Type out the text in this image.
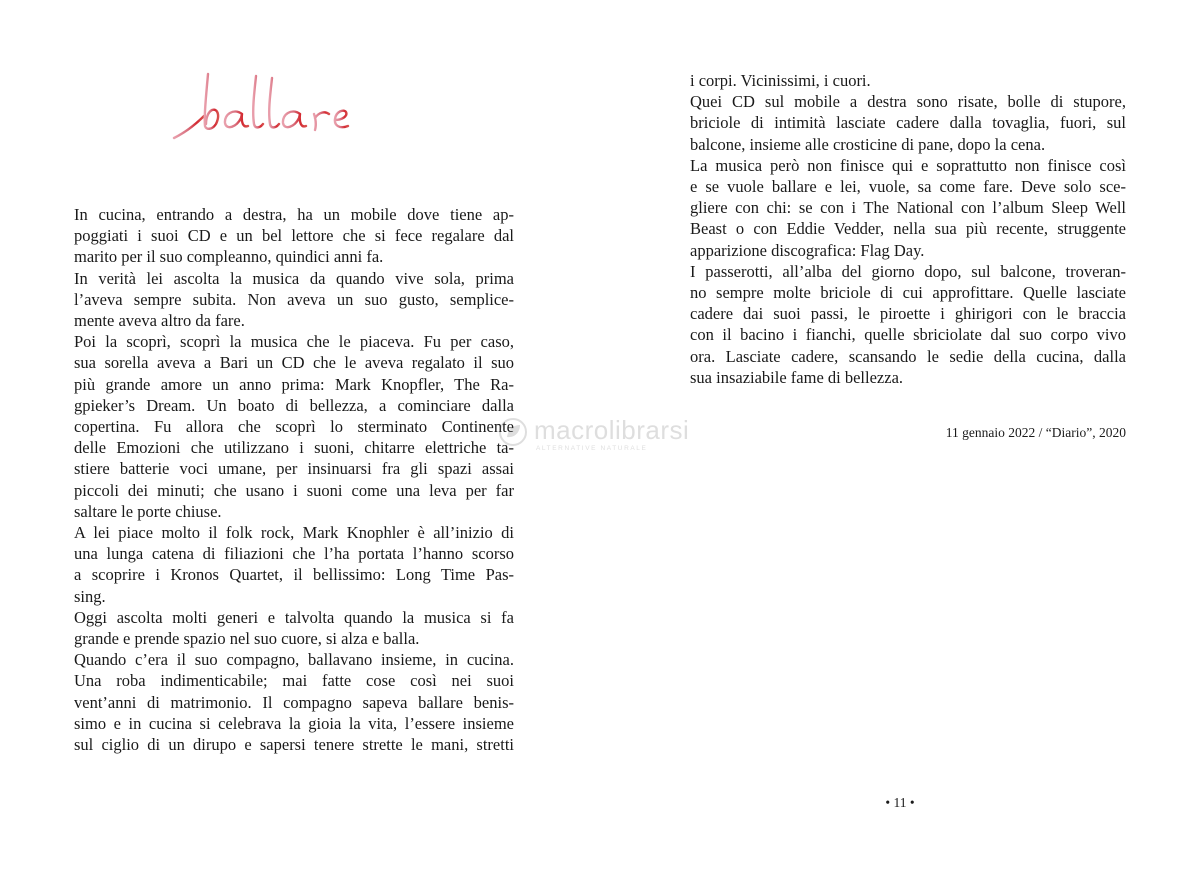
In cucina, entrando a destra, ha un mobile dove tiene ap-
poggiati i suoi CD e un bel lettore che si fece regalare dal
marito per il suo compleanno, quindici anni fa.

In verità lei ascolta la musica da quando vive sola, prima
l’aveva sempre subita. Non aveva un suo gusto, semplice-
mente aveva altro da fare.

Poi la scoprì, scoprì la musica che le piaceva. Fu per caso,
sua sorella aveva a Bari un CD che le aveva regalato il suo
più grande amore un anno prima: Mark Knopfler, The Ra-
gpieker’s Dream. Un boato di bellezza, a cominciare dalla
copertina. Fu allora che scoprì lo sterminato Continente
delle Emozioni che utilizzano i suoni, chitarre elettriche ta-
stiere batterie voci umane, per insinuarsi fra gli spazi assai
piccoli dei minuti; che usano i suoni come una leva per far
saltare le porte chiuse.

A lei piace molto il folk rock, Mark Knophler è all’inizio di
una lunga catena di filiazioni che l’ha portata l’hanno scorso
a scoprire i Kronos Quartet, il bellissimo: Long Time Pas-
sing.

Oggi ascolta molti generi e talvolta quando la musica si fa
grande e prende spazio nel suo cuore, si alza e balla.

Quando c’era il suo compagno, ballavano insieme, in cucina.
Una roba indimenticabile; mai fatte cose così nei suoi
vent’anni di matrimonio. Il compagno sapeva ballare benis-
simo e in cucina si celebrava la gioia la vita, l’essere insieme
sul ciglio di un dirupo e sapersi tenere strette le mani, stretti

i corpi. Vicinissimi, i cuori.

Quei CD sul mobile a destra sono risate, bolle di stupore,
briciole di intimità lasciate cadere dalla tovaglia, fuori, sul
balcone, insieme alle crosticine di pane, dopo la cena.

La musica però non finisce qui e soprattutto non finisce così
e se vuole ballare e lei, vuole, sa come fare. Deve solo sce-
gliere con chi: se con i The National con l’album Sleep Well
Beast o con Eddie Vedder, nella sua più recente, struggente
apparizione discografica: Flag Day.

I passerotti, all’alba del giorno dopo, sul balcone, troveran-
no sempre molte briciole di cui approfittare. Quelle lasciate
cadere dai suoi passi, le piroette i ghirigori con le braccia
con il bacino i fianchi, quelle sbriciolate dal suo corpo vivo
ora. Lasciate cadere, scansando le sedie della cucina, dalla
sua insaziabile fame di bellezza.

11 gennaio 2022 / “Diario”, 2020
• 11 •
macrolibrarsi
ALTERNATIVE NATURALE
